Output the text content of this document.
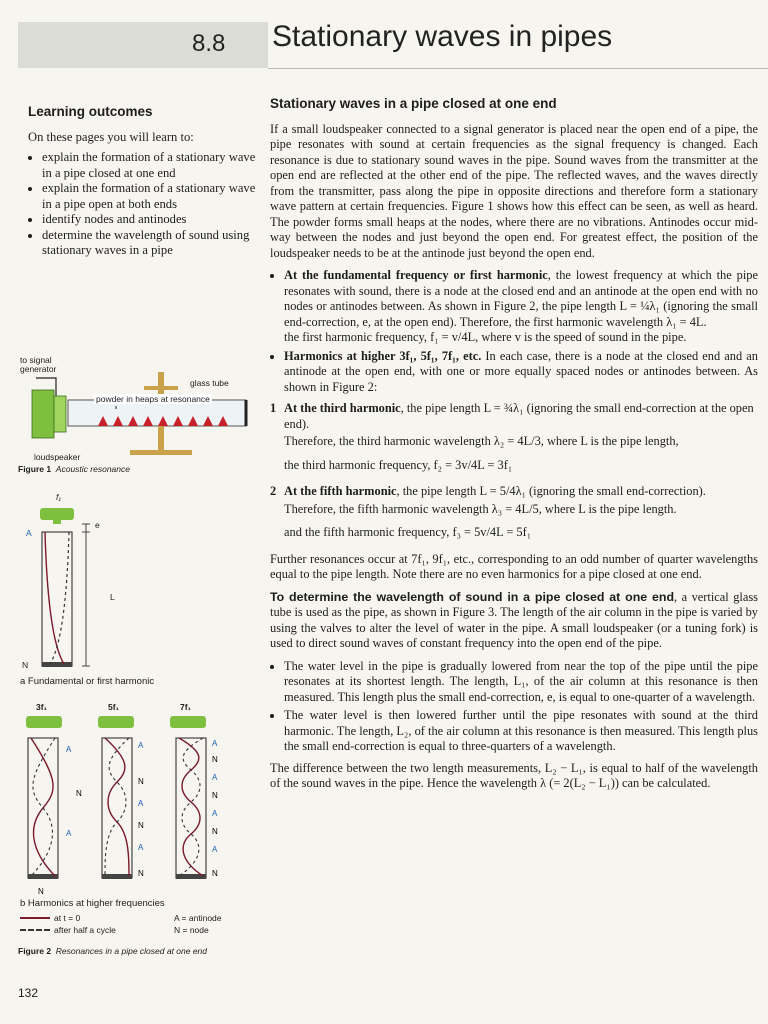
8.8 Stationary waves in pipes
Learning outcomes
On these pages you will learn to:
• explain the formation of a stationary wave in a pipe closed at one end
• explain the formation of a stationary wave in a pipe open at both ends
• identify nodes and antinodes
• determine the wavelength of sound using stationary waves in a pipe
to signal generator
glass tube
powder in heaps at resonance
loudspeaker
Figure 1 Acoustic resonance
f₁
e
A
L
N
a Fundamental or first harmonic
A
N
A
N
A
N
A
N
A
N
A
N
A
N
A
N
A
N
3f₁	5f₁	7f₁
b Harmonics at higher frequencies
at t = 0	A = antinode
after half a cycle	N = node
Figure 2 Resonances in a pipe closed at one end
Stationary waves in a pipe closed at one end

If a small loudspeaker connected to a signal generator is placed near the open end of a pipe, the pipe resonates with sound at certain frequencies as the signal frequency is changed. Each resonance is due to stationary sound waves in the pipe. Sound waves from the transmitter at the open end are reflected at the other end of the pipe. The reflected waves, and the waves directly from the transmitter, pass along the pipe in opposite directions and therefore form a stationary wave pattern at certain frequencies. Figure 1 shows how this effect can be seen, as well as heard. The powder forms small heaps at the nodes, where there are no vibrations. Antinodes occur mid-way between the nodes and just beyond the open end. For greatest effect, the position of the loudspeaker needs to be at the antinode just beyond the open end.

• At the fundamental frequency or first harmonic, the lowest frequency at which the pipe resonates with sound, there is a node at the closed end and an antinode at the open end with no nodes or antinodes between. As shown in Figure 2, the pipe length L = ¼λ₁ (ignoring the small end-correction, e, at the open end). Therefore, the first harmonic wavelength λ₁ = 4L.
the first harmonic frequency, f₁ = v/4L, where v is the speed of sound in the pipe.
• Harmonics at higher 3f₁, 5f₁, 7f₁, etc. In each case, there is a node at the closed end and an antinode at the open end, with one or more equally spaced nodes or antinodes between. As shown in Figure 2:
1 At the third harmonic, the pipe length L = ¾λ₁ (ignoring the small end-correction at the open end).
Therefore, the third harmonic wavelength λ₂ = 4L/3, where L is the pipe length,
the third harmonic frequency, f₂ = 3v/4L = 3f₁
2 At the fifth harmonic, the pipe length L = 5/4λ₁ (ignoring the small end-correction).
Therefore, the fifth harmonic wavelength λ₃ = 4L/5, where L is the pipe length.
and the fifth harmonic frequency, f₃ = 5v/4L = 5f₁

Further resonances occur at 7f₁, 9f₁, etc., corresponding to an odd number of quarter wavelengths equal to the pipe length. Note there are no even harmonics for a pipe closed at one end.

To determine the wavelength of sound in a pipe closed at one end, a vertical glass tube is used as the pipe, as shown in Figure 3. The length of the air column in the pipe is varied by using the valves to alter the level of water in the pipe. A small loudspeaker (or a tuning fork) is used to direct sound waves of constant frequency into the open end of the pipe.

• The water level in the pipe is gradually lowered from near the top of the pipe until the pipe resonates at its shortest length. The length, L₁, of the air column at this resonance is then measured. This length plus the small end-correction, e, is equal to one-quarter of a wavelength.
• The water level is then lowered further until the pipe resonates with sound at the third harmonic. The length, L₂, of the air column at this resonance is then measured. This length plus the small end-correction is equal to three-quarters of a wavelength.

The difference between the two length measurements, L₂ − L₁, is equal to half of the wavelength of the sound waves in the pipe. Hence the wavelength λ (= 2(L₂ − L₁)) can be calculated.

132
